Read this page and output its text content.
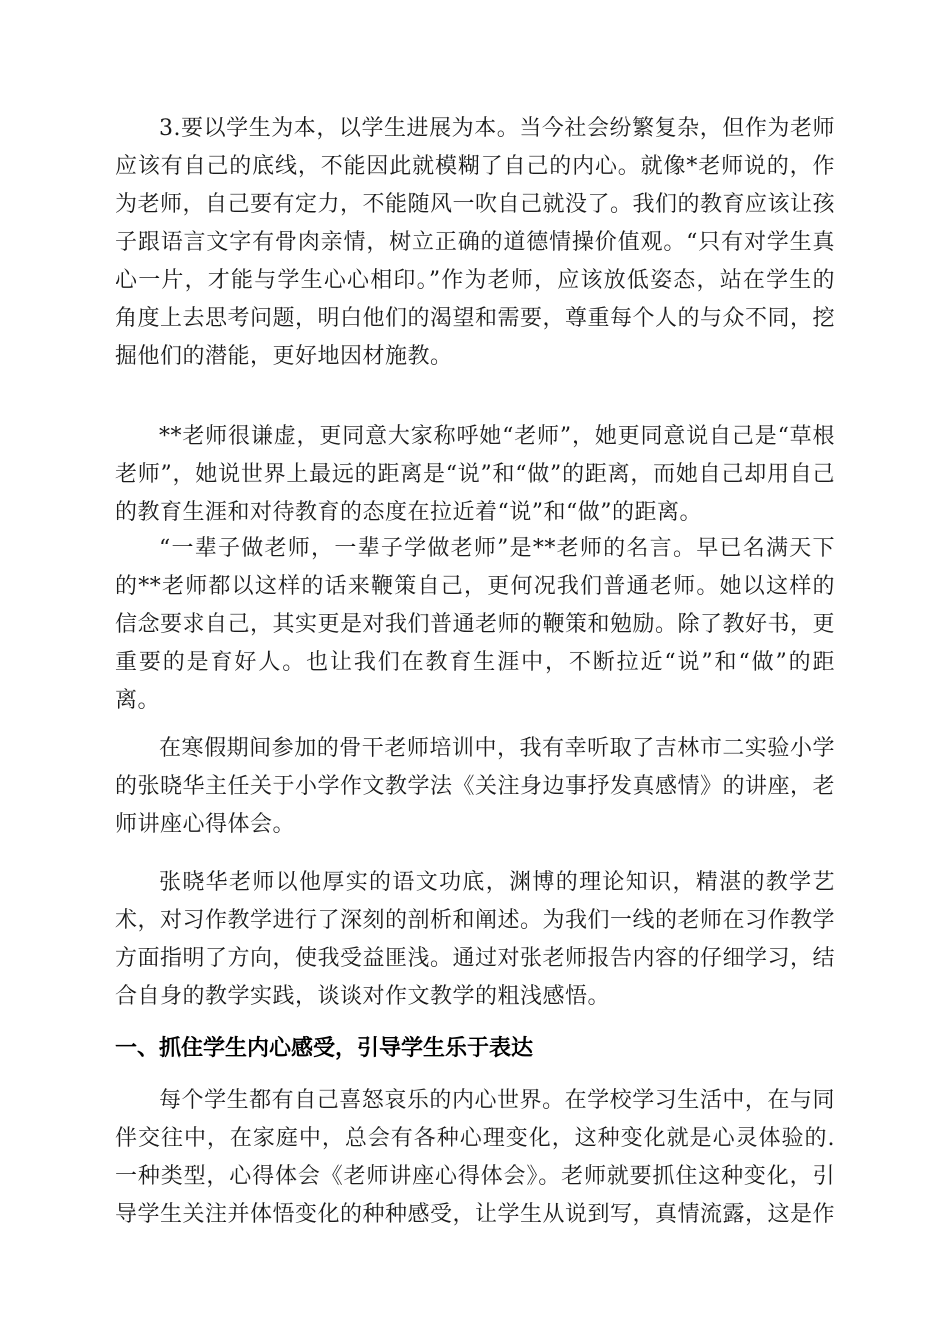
3.要以学生为本，以学生进展为本。当今社会纷繁复杂，但作为老师应该有自己的底线，不能因此就模糊了自己的内心。就像*老师说的，作为老师，自己要有定力，不能随风一吹自己就没了。我们的教育应该让孩子跟语言文字有骨肉亲情，树立正确的道德情操价值观。“只有对学生真心一片，才能与学生心心相印。”作为老师，应该放低姿态，站在学生的角度上去思考问题，明白他们的渴望和需要，尊重每个人的与众不同，挖掘他们的潜能，更好地因材施教。

**老师很谦虚，更同意大家称呼她“老师”，她更同意说自己是“草根老师”，她说世界上最远的距离是“说”和“做”的距离，而她自己却用自己的教育生涯和对待教育的态度在拉近着“说”和“做”的距离。

“一辈子做老师，一辈子学做老师”是**老师的名言。早已名满天下的**老师都以这样的话来鞭策自己，更何况我们普通老师。她以这样的信念要求自己，其实更是对我们普通老师的鞭策和勉励。除了教好书，更重要的是育好人。也让我们在教育生涯中，不断拉近“说”和“做”的距离。

在寒假期间参加的骨干老师培训中，我有幸听取了吉林市二实验小学的张晓华主任关于小学作文教学法《关注身边事抒发真感情》的讲座，老师讲座心得体会。

张晓华老师以他厚实的语文功底，渊博的理论知识，精湛的教学艺术，对习作教学进行了深刻的剖析和阐述。为我们一线的老师在习作教学方面指明了方向，使我受益匪浅。通过对张老师报告内容的仔细学习，结合自身的教学实践，谈谈对作文教学的粗浅感悟。

一、抓住学生内心感受，引导学生乐于表达

每个学生都有自己喜怒哀乐的内心世界。在学校学习生活中，在与同伴交往中，在家庭中，总会有各种心理变化，这种变化就是心灵体验的.一种类型，心得体会《老师讲座心得体会》。老师就要抓住这种变化，引导学生关注并体悟变化的种种感受，让学生从说到写，真情流露，这是作
